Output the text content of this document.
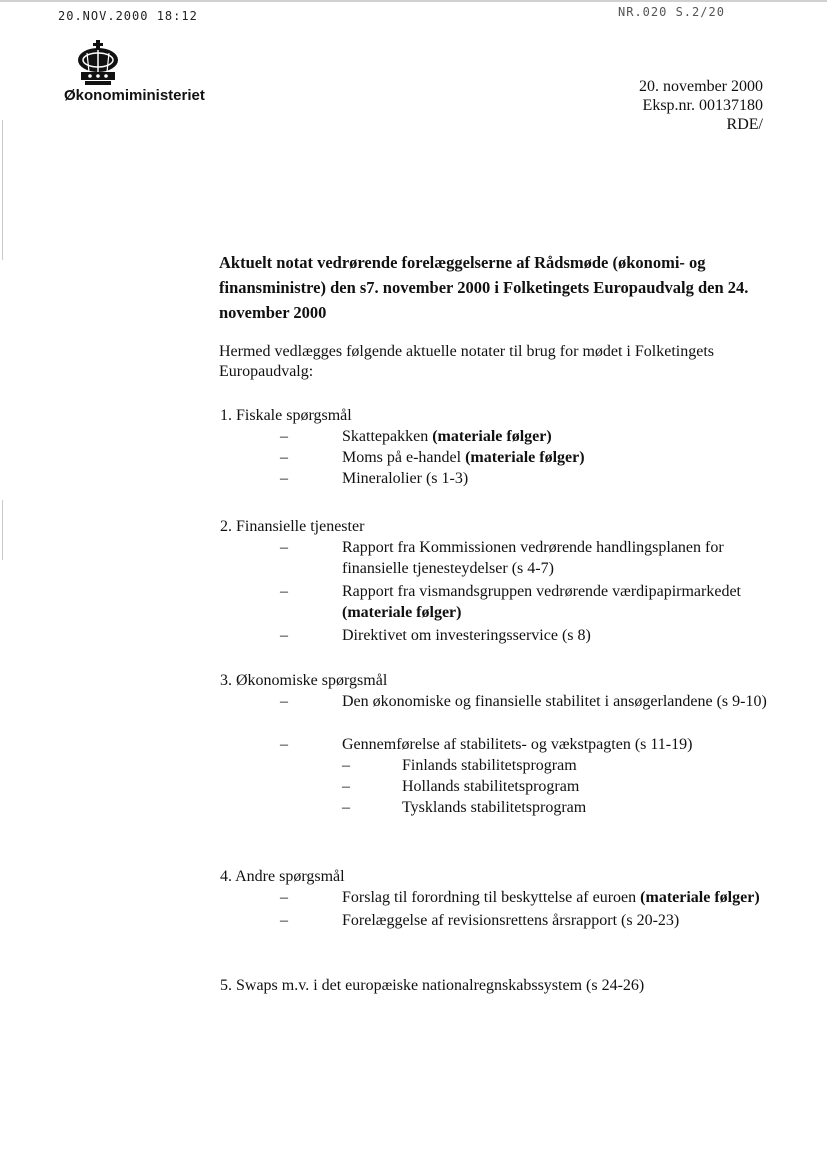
20.NOV.2000 18:12	NR.020 S.2/20
Økonomiministeriet
20. november 2000
Eksp.nr. 00137180
RDE/
Aktuelt notat vedrørende forelæggelserne af Rådsmøde (økonomi- og finansministre) den s7. november 2000 i Folketingets Europaudvalg den 24. november 2000
Hermed vedlægges følgende aktuelle notater til brug for mødet i Folketingets Europaudvalg:
1. Fiskale spørgsmål
–	Skattepakken (materiale følger)
–	Moms på e-handel (materiale følger)
–	Mineralolier (s 1-3)
2. Finansielle tjenester
–	Rapport fra Kommissionen vedrørende handlingsplanen for finansielle tjenesteydelser (s 4-7)
–	Rapport fra vismandsgruppen vedrørende værdipapirmarkedet (materiale følger)
–	Direktivet om investeringsservice (s 8)
3. Økonomiske spørgsmål
–	Den økonomiske og finansielle stabilitet i ansøgerlandene (s 9-10)
–	Gennemførelse af stabilitets- og vækstpagten (s 11-19)
–	Finlands stabilitetsprogram
–	Hollands stabilitetsprogram
–	Tysklands stabilitetsprogram
4. Andre spørgsmål
–	Forslag til forordning til beskyttelse af euroen (materiale følger)
–	Forelæggelse af revisionsrettens årsrapport (s 20-23)
5. Swaps m.v. i det europæiske nationalregnskabssystem (s 24-26)
